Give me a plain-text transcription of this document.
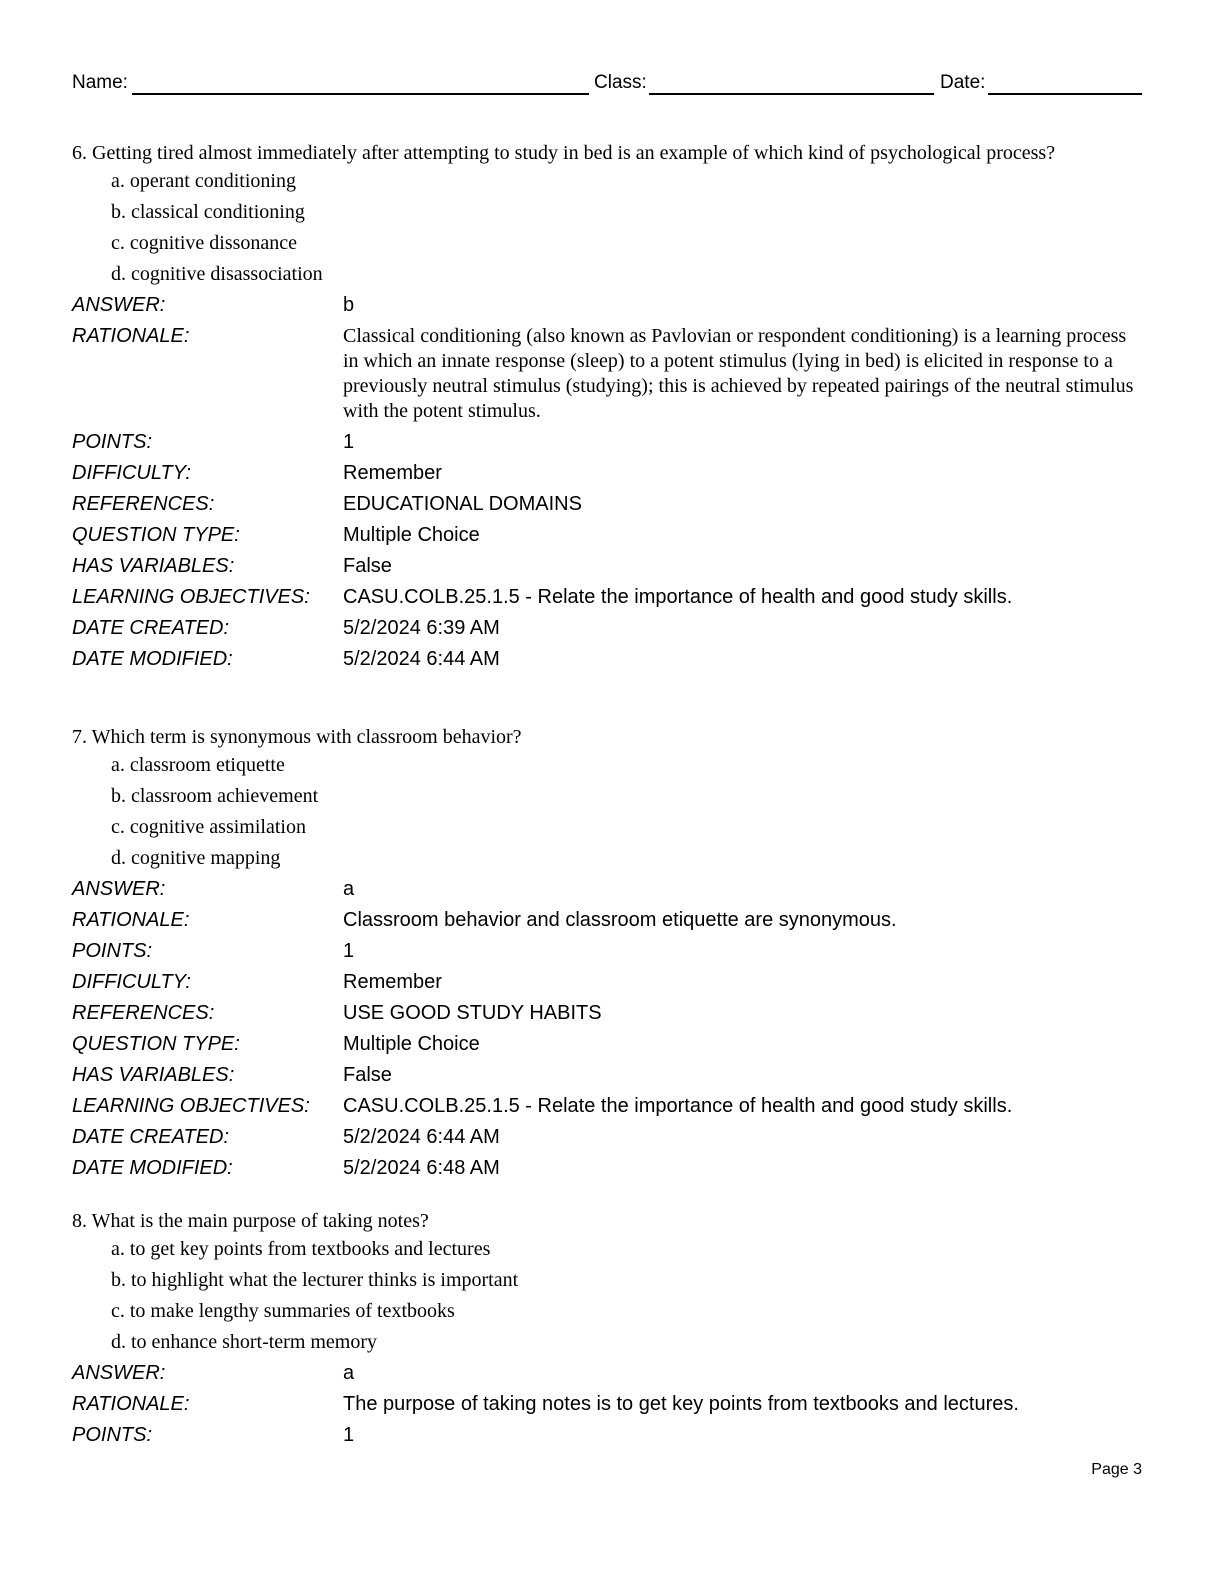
Name:	Class:	Date:

6. Getting tired almost immediately after attempting to study in bed is an example of which kind of psychological process?

a. operant conditioning
b. classical conditioning
c. cognitive dissonance
d. cognitive disassociation
ANSWER:	b
RATIONALE:	Classical conditioning (also known as Pavlovian or respondent conditioning) is a learning process in which an innate response (sleep) to a potent stimulus (lying in bed) is elicited in response to a previously neutral stimulus (studying); this is achieved by repeated pairings of the neutral stimulus with the potent stimulus.
POINTS:	1
DIFFICULTY:	Remember
REFERENCES:	EDUCATIONAL DOMAINS
QUESTION TYPE:	Multiple Choice
HAS VARIABLES:	False
LEARNING OBJECTIVES:	CASU.COLB.25.1.5 - Relate the importance of health and good study skills.
DATE CREATED:	5/2/2024 6:39 AM
DATE MODIFIED:	5/2/2024 6:44 AM

7. Which term is synonymous with classroom behavior?

a. classroom etiquette
b. classroom achievement
c. cognitive assimilation
d. cognitive mapping
ANSWER:	a
RATIONALE:	Classroom behavior and classroom etiquette are synonymous.
POINTS:	1
DIFFICULTY:	Remember
REFERENCES:	USE GOOD STUDY HABITS
QUESTION TYPE:	Multiple Choice
HAS VARIABLES:	False
LEARNING OBJECTIVES:	CASU.COLB.25.1.5 - Relate the importance of health and good study skills.
DATE CREATED:	5/2/2024 6:44 AM
DATE MODIFIED:	5/2/2024 6:48 AM

8. What is the main purpose of taking notes?

a. to get key points from textbooks and lectures
b. to highlight what the lecturer thinks is important
c. to make lengthy summaries of textbooks
d. to enhance short-term memory
ANSWER:	a
RATIONALE:	The purpose of taking notes is to get key points from textbooks and lectures.
POINTS:	1
Page 3
